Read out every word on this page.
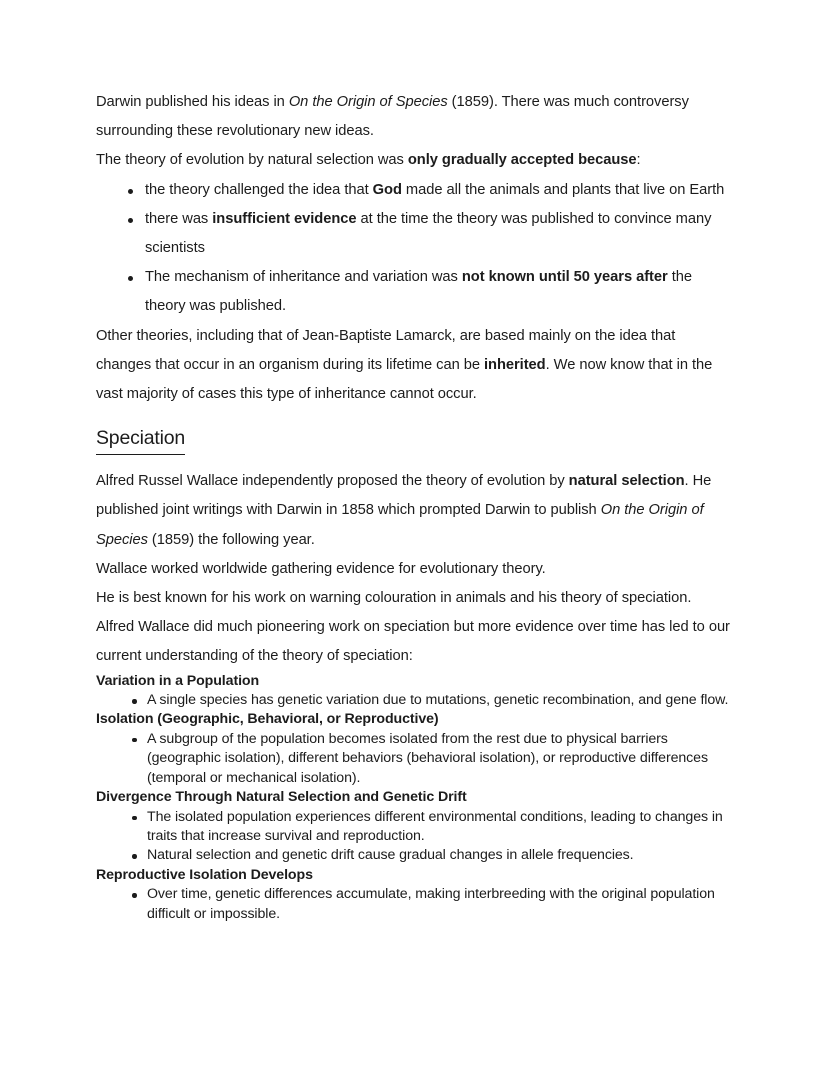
Darwin published his ideas in On the Origin of Species (1859). There was much controversy surrounding these revolutionary new ideas.

The theory of evolution by natural selection was only gradually accepted because:

the theory challenged the idea that God made all the animals and plants that live on Earth
there was insufficient evidence at the time the theory was published to convince many scientists
The mechanism of inheritance and variation was not known until 50 years after the theory was published.

Other theories, including that of Jean-Baptiste Lamarck, are based mainly on the idea that changes that occur in an organism during its lifetime can be inherited. We now know that in the vast majority of cases this type of inheritance cannot occur.

Speciation

Alfred Russel Wallace independently proposed the theory of evolution by natural selection. He published joint writings with Darwin in 1858 which prompted Darwin to publish On the Origin of Species (1859) the following year.

Wallace worked worldwide gathering evidence for evolutionary theory.

He is best known for his work on warning colouration in animals and his theory of speciation.

Alfred Wallace did much pioneering work on speciation but more evidence over time has led to our current understanding of the theory of speciation:

Variation in a Population
A single species has genetic variation due to mutations, genetic recombination, and gene flow.
Isolation (Geographic, Behavioral, or Reproductive)
A subgroup of the population becomes isolated from the rest due to physical barriers (geographic isolation), different behaviors (behavioral isolation), or reproductive differences (temporal or mechanical isolation).
Divergence Through Natural Selection and Genetic Drift
The isolated population experiences different environmental conditions, leading to changes in traits that increase survival and reproduction.
Natural selection and genetic drift cause gradual changes in allele frequencies.
Reproductive Isolation Develops
Over time, genetic differences accumulate, making interbreeding with the original population difficult or impossible.
